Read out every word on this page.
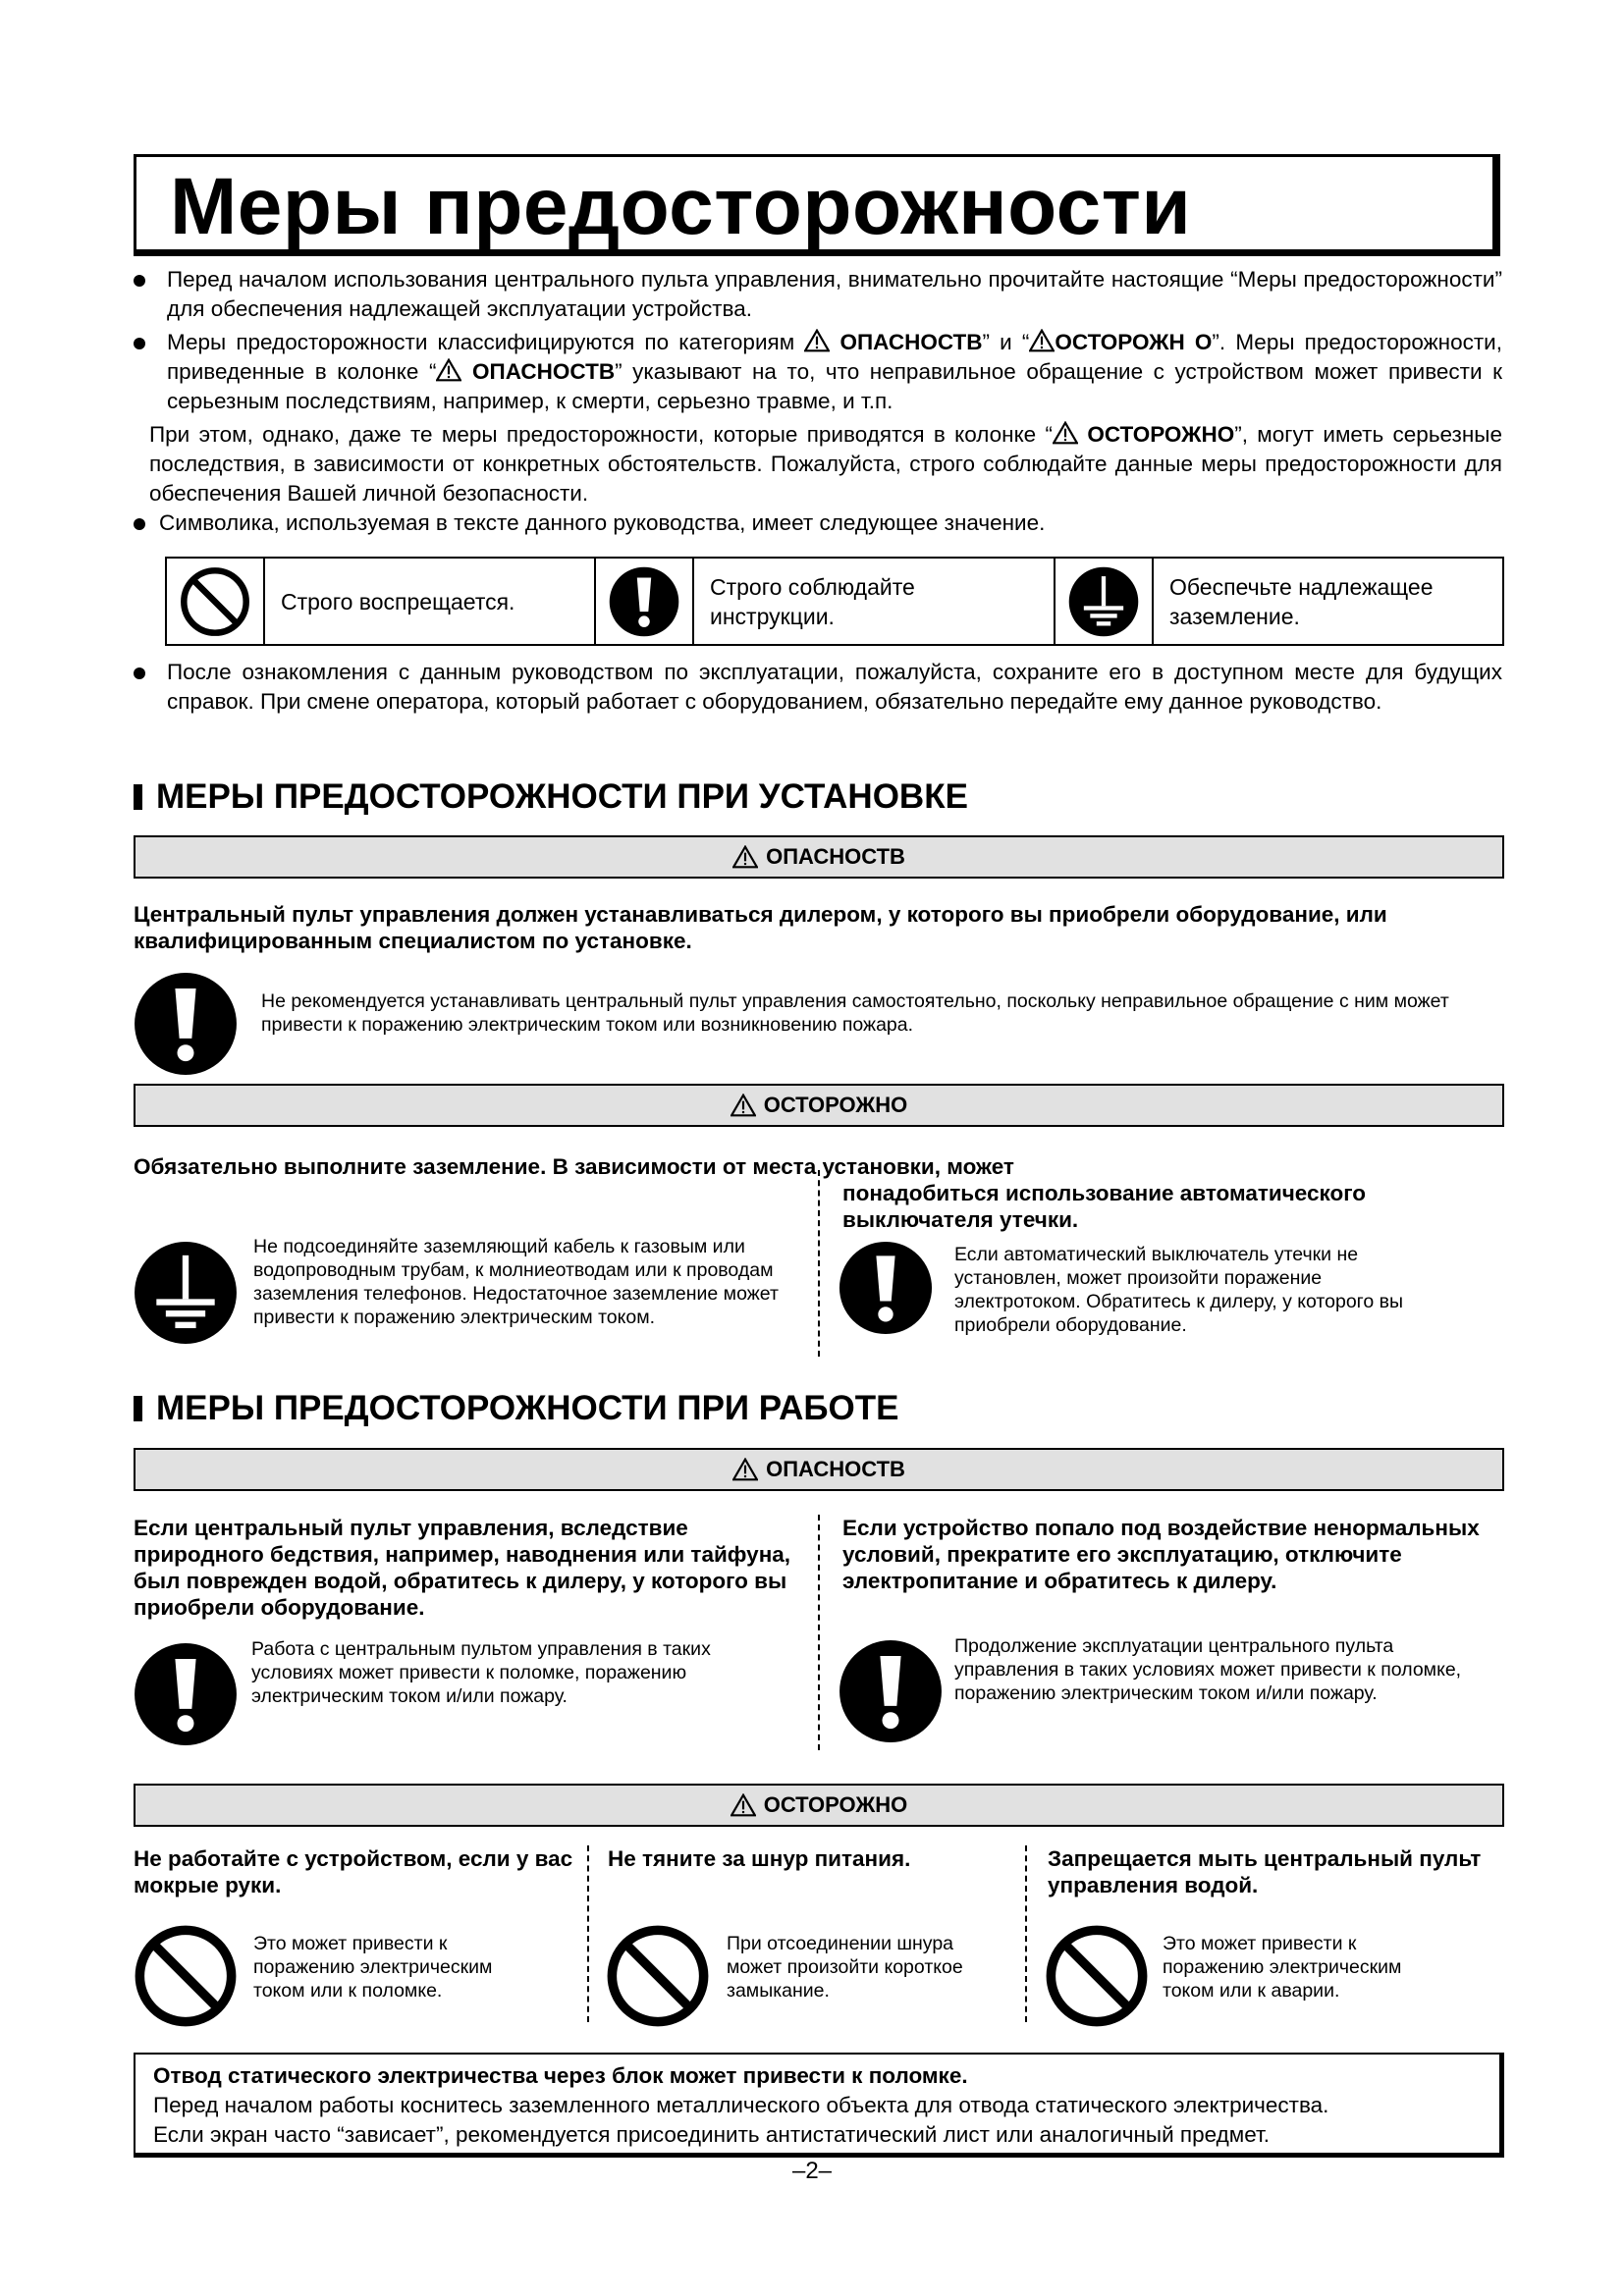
Меры предосторожности
Перед началом использования центрального пульта управления, внимательно прочитайте настоящие “Меры предосторожности” для обеспечения надлежащей эксплуатации устройства.
Меры предосторожности классифицируются по категориям ОПАСНОСТВ” и “ ОСТОРОЖН О”. Меры предосторожности, приведенные в колонке “ ОПАСНОСТВ” указывают на то, что неправильное обращение с устройством может привести к серьезным последствиям, например, к смерти, серьезно травме, и т.п.
При этом, однако, даже те меры предосторожности, которые приводятся в колонке “ ОСТОРОЖНО”, могут иметь серьезные последствия, в зависимости от конкретных обстоятельств. Пожалуйста, строго соблюдайте данные меры предосторожности для обеспечения Вашей личной безопасности.
Символика, используемая в тексте данного руководства, имеет следующее значение.
Строго воспрещается.
Строго соблюдайте инструкции.
Обеспечьте надлежащее заземление.
После ознакомления с данным руководством по эксплуатации, пожалуйста, сохраните его в доступном месте для будущих справок. При смене оператора, который работает с оборудованием, обязательно передайте ему данное руководство.
МЕРЫ ПРЕДОСТОРОЖНОСТИ ПРИ УСТАНОВКЕ
ОПАСНОСТВ
Центральный пульт управления должен устанавливаться дилером, у которого вы приобрели оборудование, или квалифицированным специалистом по установке.
Не рекомендуется устанавливать центральный пульт управления самостоятельно, поскольку неправильное обращение с ним может привести к поражению электрическим током или возникновению пожара.
ОСТОРОЖНО
Обязательно выполните заземление. В зависимости от места установки, может
понадобиться использование автоматического выключателя утечки.
Не подсоединяйте заземляющий кабель к газовым или водопроводным трубам, к молниеотводам или к проводам заземления телефонов. Недостаточное заземление может привести к поражению электрическим током.
Если автоматический выключатель утечки не установлен, может произойти поражение электротоком. Обратитесь к дилеру, у которого вы приобрели оборудование.
МЕРЫ ПРЕДОСТОРОЖНОСТИ ПРИ РАБОТЕ
ОПАСНОСТВ
Если центральный пульт управления, вследствие природного бедствия, например, наводнения или тайфуна, был поврежден водой, обратитесь к дилеру, у которого вы приобрели оборудование.
Если устройство попало под воздействие ненормальных условий, прекратите его эксплуатацию, отключите электропитание и обратитесь к дилеру.
Работа с центральным пультом управления в таких условиях может привести к поломке, поражению электрическим током и/или пожару.
Продолжение эксплуатации центрального пульта управления в таких условиях может привести к поломке, поражению электрическим током и/или пожару.
ОСТОРОЖНО
Не работайте с устройством, если у вас мокрые руки.
Не тяните за шнур питания.	Запрещается мыть центральный пульт управления водой.
Это может привести к поражению электрическим током или к поломке.
При отсоединении шнура может произойти короткое замыкание.
Это может привести к поражению электрическим током или к аварии.
Отвод статического электричества через блок может привести к поломке.
Перед началом работы коснитесь заземленного металлического объекта для отвода статического электричества.
Если экран часто “зависает”, рекомендуется присоединить антистатический лист или аналогичный предмет.
–2–
